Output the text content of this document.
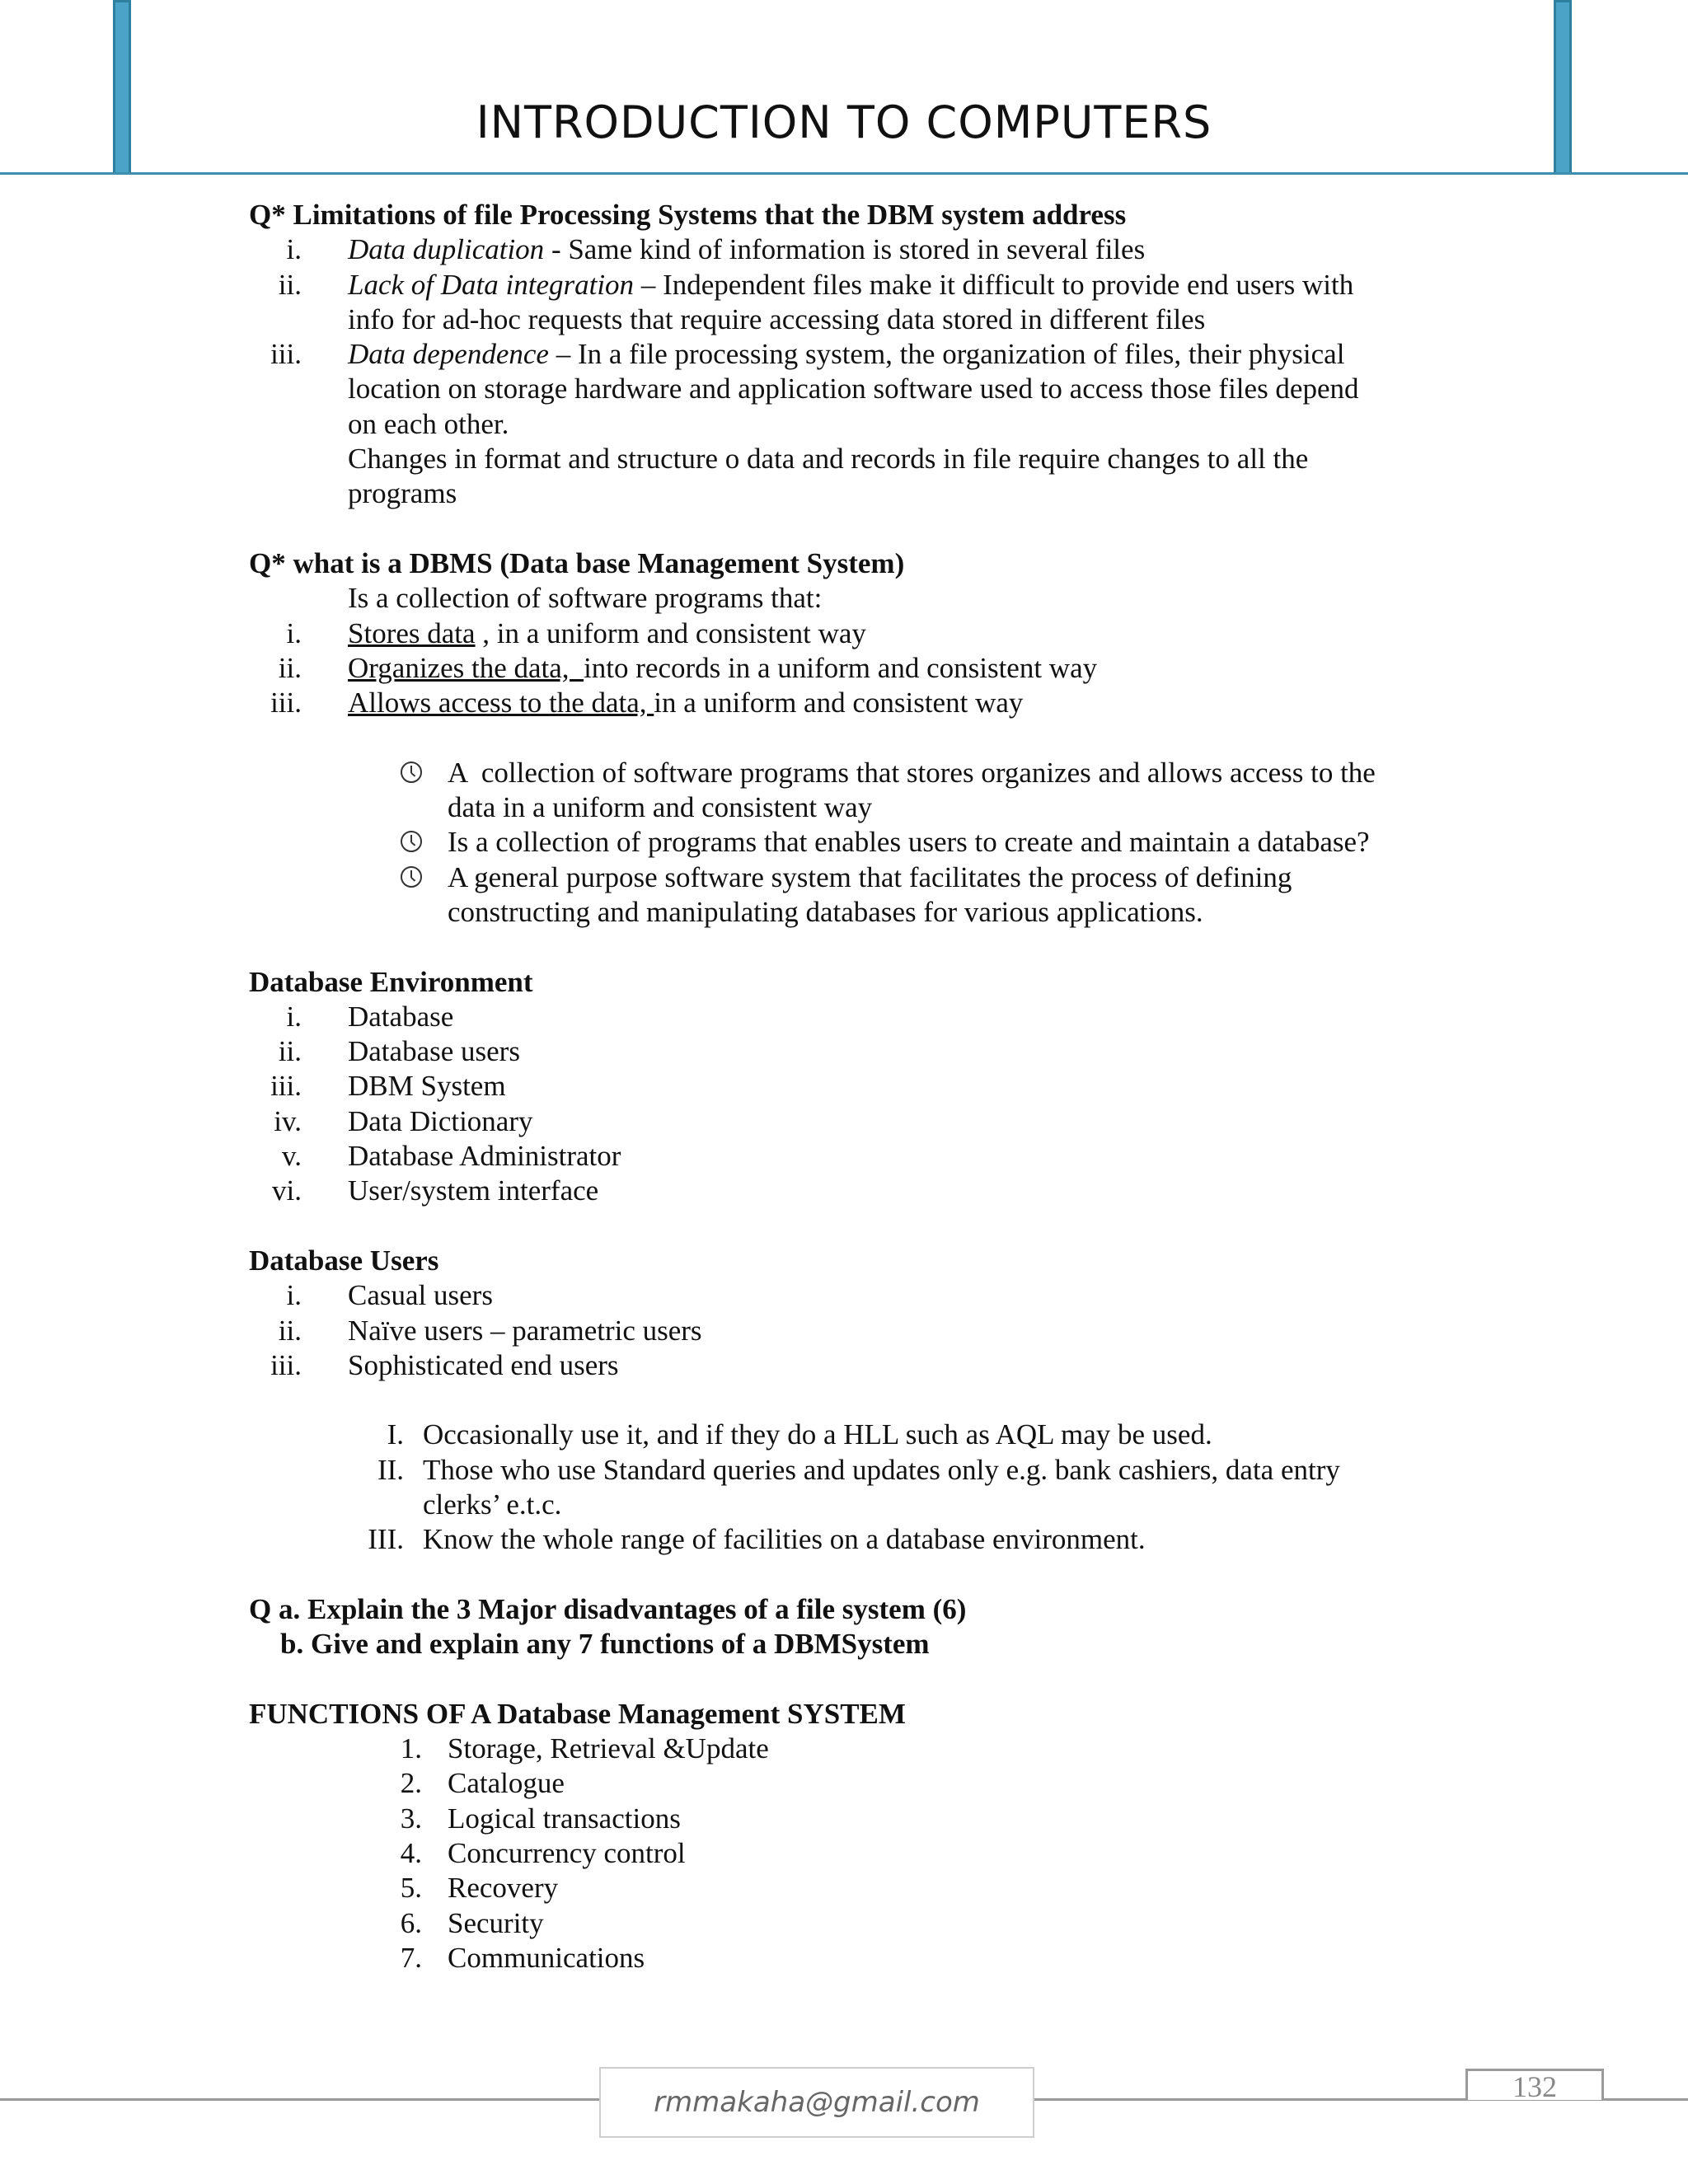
INTRODUCTION TO COMPUTERS
Q* Limitations of file Processing Systems that the DBM system address
i. Data duplication - Same kind of information is stored in several files
ii. Lack of Data integration – Independent files make it difficult to provide end users with
info for ad-hoc requests that require accessing data stored in different files
iii. Data dependence – In a file processing system, the organization of files, their physical
location on storage hardware and application software used to access those files depend
on each other.
Changes in format and structure o data and records in file require changes to all the
programs
Q* what is a DBMS (Data base Management System)
Is a collection of software programs that:
i. Stores data , in a uniform and consistent way
ii. Organizes the data,  into records in a uniform and consistent way
iii. Allows access to the data, in a uniform and consistent way
A  collection of software programs that stores organizes and allows access to the
data in a uniform and consistent way
Is a collection of programs that enables users to create and maintain a database?
A general purpose software system that facilitates the process of defining
constructing and manipulating databases for various applications.
Database Environment
i. Database
ii. Database users
iii. DBM System
iv. Data Dictionary
v. Database Administrator
vi. User/system interface
Database Users
i. Casual users
ii. Naïve users – parametric users
iii. Sophisticated end users
I. Occasionally use it, and if they do a HLL such as AQL may be used.
II. Those who use Standard queries and updates only e.g. bank cashiers, data entry
clerks’ e.t.c.
III. Know the whole range of facilities on a database environment.
Q a. Explain the 3 Major disadvantages of a file system (6)
b. Give and explain any 7 functions of a DBMSystem
FUNCTIONS OF A Database Management SYSTEM
1. Storage, Retrieval &Update
2. Catalogue
3. Logical transactions
4. Concurrency control
5. Recovery
6. Security
7. Communications
rmmakaha@gmail.com	132
